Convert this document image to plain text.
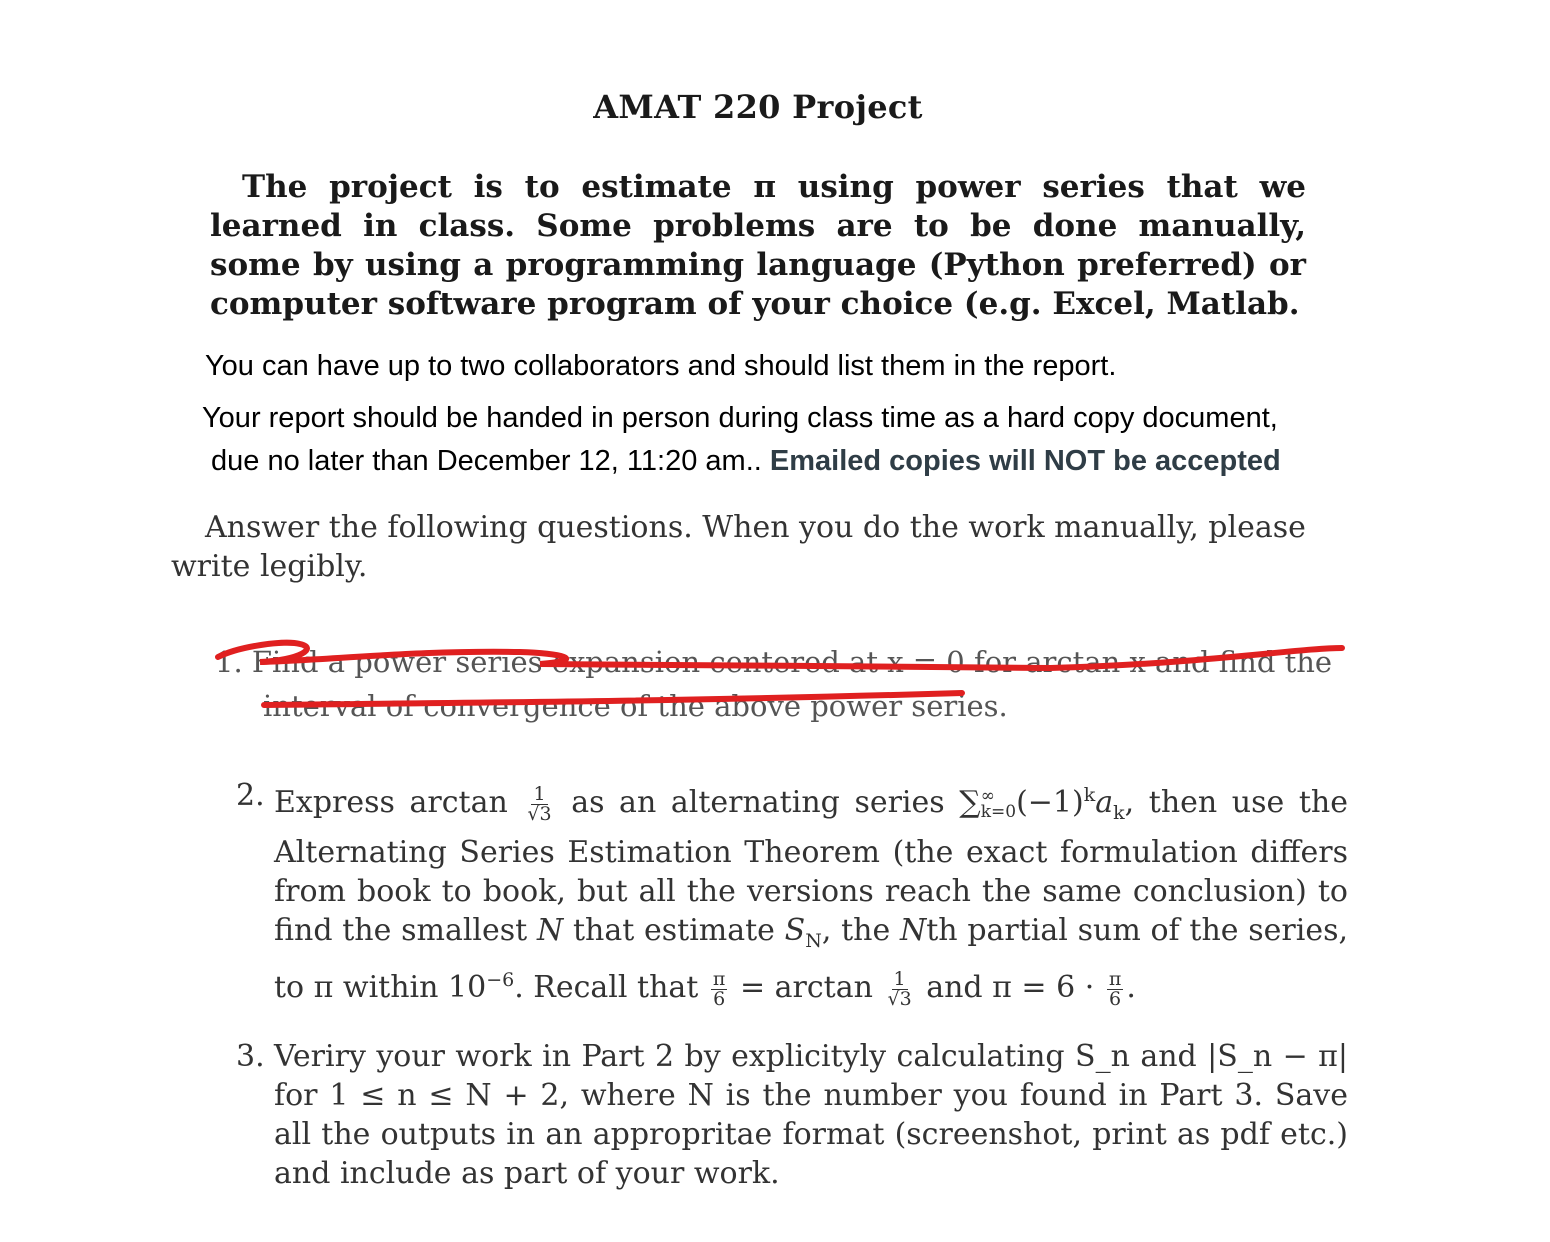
AMAT 220 Project
The project is to estimate π using power series that we learned in class. Some problems are to be done manually, some by using a programming language (Python preferred) or computer software program of your choice (e.g. Excel, Matlab.
You can have up to two collaborators and should list them in the report.
Your report should be handed in person during class time as a hard copy document,
due no later than December 12, 11:20 am.. Emailed copies will NOT be accepted
Answer the following questions. When you do the work manually, please write legibly.
1. Find a power series expansion centered at x = 0 for arctan x and find the
interval of convergence of the above power series.
2. Express $\arctan \frac{1}{√3}$ as an alternating series ∑ ∞
k=0 $(-1)^ka_k$, then use the Alternating Series Estimation Theorem (the exact formulation differs from book to book, but all the versions reach the same conclusion) to find the smallest N that estimate $S_N$, the Nth partial sum of the series, to π within $10^{-6}$. Recall that $\frac{\pi}{6} = \arctan \frac{1}{√3}$ and $\pi = 6 \cdot \frac{\pi}{6}$ .
3. Veriry your work in Part 2 by explicityly calculating S_n and |S_n − π| for 1 ≤ n ≤ N + 2, where N is the number you found in Part 3. Save all the outputs in an appropritae format (screenshot, print as pdf etc.) and include as part of your work.
